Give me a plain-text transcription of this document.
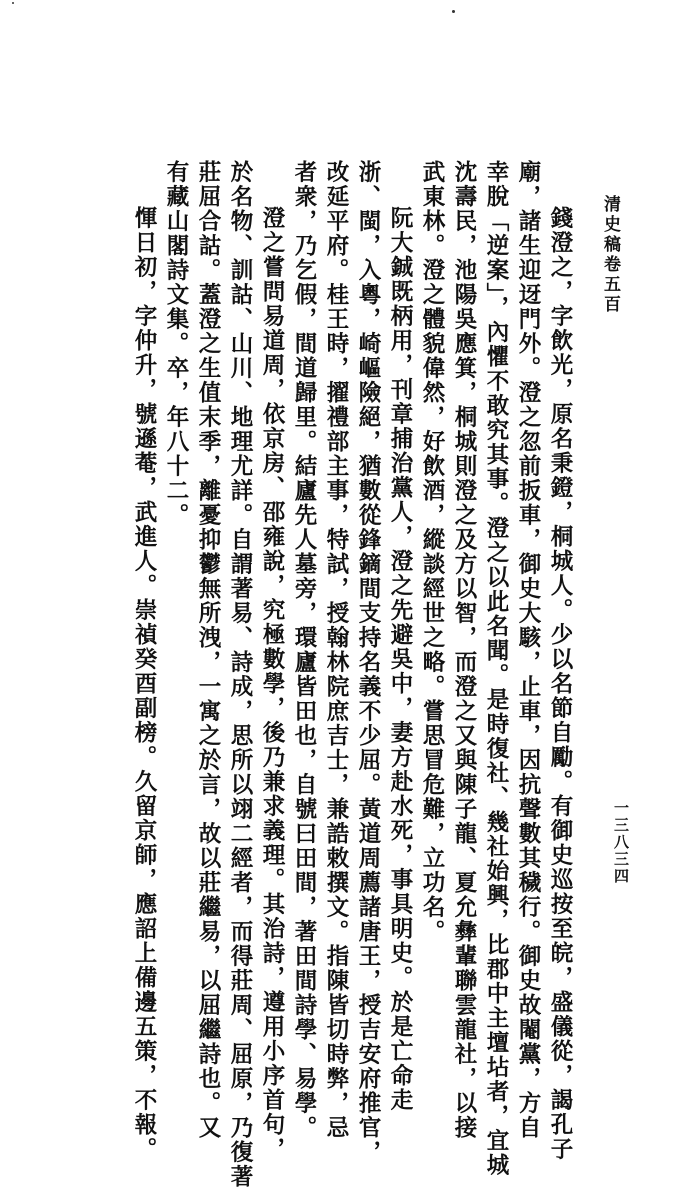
清史稿卷五百
一三八三四
錢澄之，字飲光，原名秉鐙，桐城人。少以名節自勵。有御史巡按至皖，盛儀從，謁孔子
廟，諸生迎迓門外。澄之忽前扳車，御史大駭，止車，因抗聲數其穢行。御史故閹黨，方自
幸脫「逆案」，內懼不敢究其事。澄之以此名聞。是時復社、幾社始興，比郡中主壇坫者，宜城
沈壽民，池陽吳應箕，桐城則澄之及方以智，而澄之又與陳子龍、夏允彝輩聯雲龍社，以接
武東林。澄之體貌偉然，好飲酒，縱談經世之略。嘗思冒危難，立功名。
阮大鋮既柄用，刊章捕治黨人，澄之先避吳中，妻方赴水死，事具明史。於是亡命走
浙、閩，入粵，崎嶇險絕，猶數從鋒鏑間支持名義不少屈。黃道周薦諸唐王，授吉安府推官，
改延平府。桂王時，擢禮部主事，特試，授翰林院庶吉士，兼誥敕撰文。指陳皆切時弊，忌
者衆，乃乞假，間道歸里。結廬先人墓旁，環廬皆田也，自號曰田間，著田間詩學、易學。
澄之嘗問易道周，依京房、邵雍說，究極數學，後乃兼求義理。其治詩，遵用小序首句，
於名物、訓詁、山川、地理尤詳。自謂著易、詩成，思所以翊二經者，而得莊周、屈原，乃復著
莊屈合詁。蓋澄之生值末季，離憂抑鬱無所洩，一寓之於言，故以莊繼易，以屈繼詩也。又
有藏山閣詩文集。卒，年八十二。
惲日初，字仲升，號遜菴，武進人。崇禎癸酉副榜。久留京師，應詔上備邊五策，不報。
